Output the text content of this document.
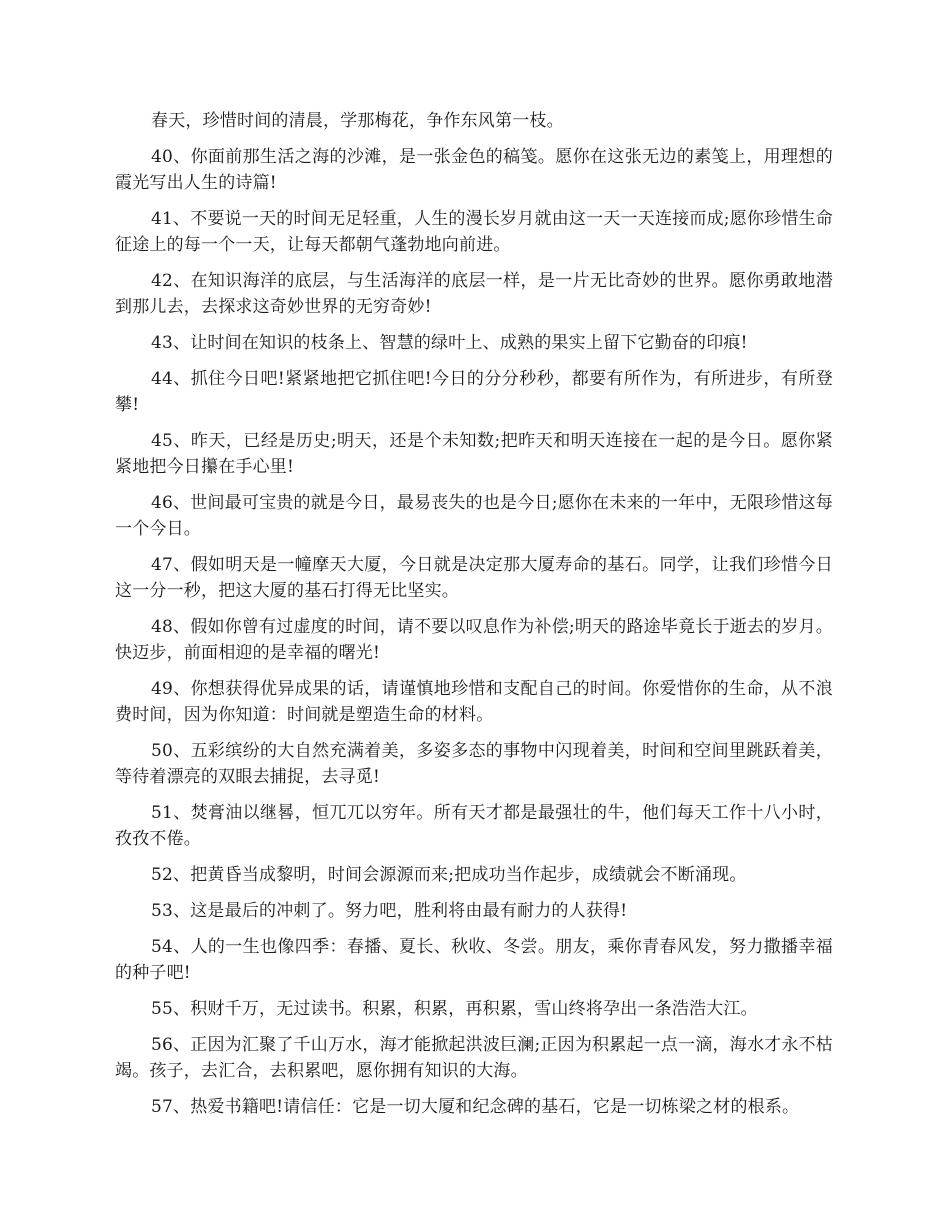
春天，珍惜时间的清晨，学那梅花，争作东风第一枝。

40、你面前那生活之海的沙滩，是一张金色的稿笺。愿你在这张无边的素笺上，用理想的霞光写出人生的诗篇!

41、不要说一天的时间无足轻重，人生的漫长岁月就由这一天一天连接而成;愿你珍惜生命征途上的每一个一天，让每天都朝气蓬勃地向前进。

42、在知识海洋的底层，与生活海洋的底层一样，是一片无比奇妙的世界。愿你勇敢地潜到那儿去，去探求这奇妙世界的无穷奇妙!

43、让时间在知识的枝条上、智慧的绿叶上、成熟的果实上留下它勤奋的印痕!

44、抓住今日吧!紧紧地把它抓住吧!今日的分分秒秒，都要有所作为，有所进步，有所登攀!

45、昨天，已经是历史;明天，还是个未知数;把昨天和明天连接在一起的是今日。愿你紧紧地把今日攥在手心里!

46、世间最可宝贵的就是今日，最易丧失的也是今日;愿你在未来的一年中，无限珍惜这每一个今日。

47、假如明天是一幢摩天大厦，今日就是决定那大厦寿命的基石。同学，让我们珍惜今日这一分一秒，把这大厦的基石打得无比坚实。

48、假如你曾有过虚度的时间，请不要以叹息作为补偿;明天的路途毕竟长于逝去的岁月。快迈步，前面相迎的是幸福的曙光!

49、你想获得优异成果的话，请谨慎地珍惜和支配自己的时间。你爱惜你的生命，从不浪费时间，因为你知道：时间就是塑造生命的材料。

50、五彩缤纷的大自然充满着美，多姿多态的事物中闪现着美，时间和空间里跳跃着美，等待着漂亮的双眼去捕捉，去寻觅!

51、焚膏油以继晷，恒兀兀以穷年。所有天才都是最强壮的牛，他们每天工作十八小时，孜孜不倦。

52、把黄昏当成黎明，时间会源源而来;把成功当作起步，成绩就会不断涌现。

53、这是最后的冲刺了。努力吧，胜利将由最有耐力的人获得!

54、人的一生也像四季：春播、夏长、秋收、冬尝。朋友，乘你青春风发，努力撒播幸福的种子吧!

55、积财千万，无过读书。积累，积累，再积累，雪山终将孕出一条浩浩大江。

56、正因为汇聚了千山万水，海才能掀起洪波巨澜;正因为积累起一点一滴，海水才永不枯竭。孩子，去汇合，去积累吧，愿你拥有知识的大海。

57、热爱书籍吧!请信任：它是一切大厦和纪念碑的基石，它是一切栋梁之材的根系。
